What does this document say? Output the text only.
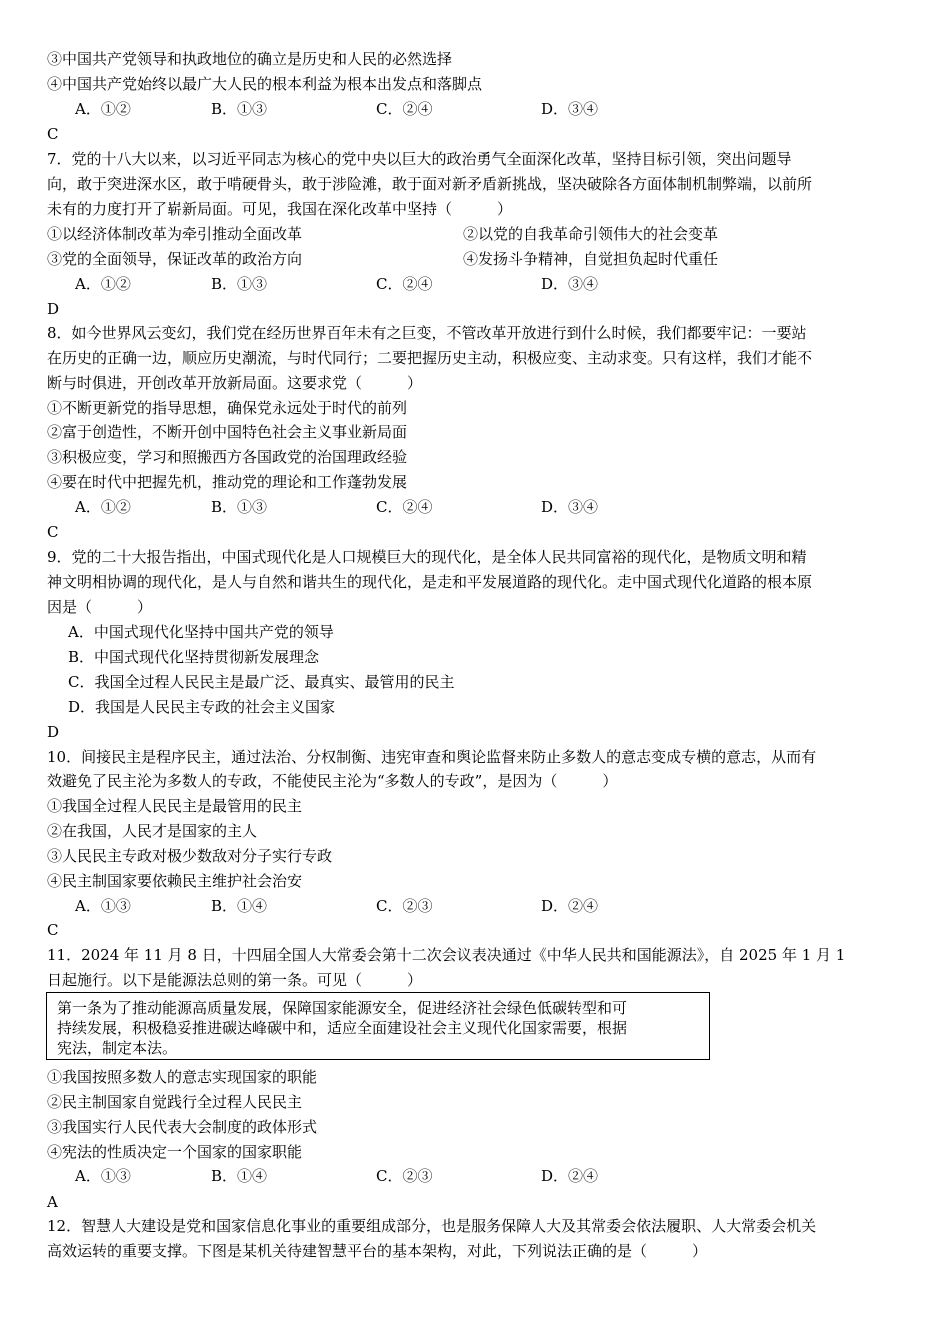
③中国共产党领导和执政地位的确立是历史和人民的必然选择
④中国共产党始终以最广大人民的根本利益为根本出发点和落脚点
A．①②	B．①③	C．②④	D．③④
C
7．党的十八大以来，以习近平同志为核心的党中央以巨大的政治勇气全面深化改革，坚持目标引领，突出问题导
向，敢于突进深水区，敢于啃硬骨头，敢于涉险滩，敢于面对新矛盾新挑战，坚决破除各方面体制机制弊端，以前所
未有的力度打开了崭新局面。可见，我国在深化改革中坚持（　　　）
①以经济体制改革为牵引推动全面改革	②以党的自我革命引领伟大的社会变革
③党的全面领导，保证改革的政治方向	④发扬斗争精神，自觉担负起时代重任
A．①②	B．①③	C．②④	D．③④
D
8．如今世界风云变幻，我们党在经历世界百年未有之巨变，不管改革开放进行到什么时候，我们都要牢记：一要站
在历史的正确一边，顺应历史潮流，与时代同行；二要把握历史主动，积极应变、主动求变。只有这样，我们才能不
断与时俱进，开创改革开放新局面。这要求党（　　　）
①不断更新党的指导思想，确保党永远处于时代的前列
②富于创造性，不断开创中国特色社会主义事业新局面
③积极应变，学习和照搬西方各国政党的治国理政经验
④要在时代中把握先机，推动党的理论和工作蓬勃发展
A．①②	B．①③	C．②④	D．③④
C
9．党的二十大报告指出，中国式现代化是人口规模巨大的现代化，是全体人民共同富裕的现代化，是物质文明和精
神文明相协调的现代化，是人与自然和谐共生的现代化，是走和平发展道路的现代化。走中国式现代化道路的根本原
因是（　　　）
A．中国式现代化坚持中国共产党的领导
B．中国式现代化坚持贯彻新发展理念
C．我国全过程人民民主是最广泛、最真实、最管用的民主
D．我国是人民民主专政的社会主义国家
D
10．间接民主是程序民主，通过法治、分权制衡、违宪审查和舆论监督来防止多数人的意志变成专横的意志，从而有
效避免了民主沦为多数人的专政，不能使民主沦为“多数人的专政”，是因为（　　　）
①我国全过程人民民主是最管用的民主
②在我国，人民才是国家的主人
③人民民主专政对极少数敌对分子实行专政
④民主制国家要依赖民主维护社会治安
A．①③	B．①④	C．②③	D．②④
C
11．2024 年 11 月 8 日，十四届全国人大常委会第十二次会议表决通过《中华人民共和国能源法》，自 2025 年 1 月 1
日起施行。以下是能源法总则的第一条。可见（　　　）
第一条为了推动能源高质量发展，保障国家能源安全，促进经济社会绿色低碳转型和可
持续发展，积极稳妥推进碳达峰碳中和，适应全面建设社会主义现代化国家需要，根据
宪法，制定本法。
①我国按照多数人的意志实现国家的职能
②民主制国家自觉践行全过程人民民主
③我国实行人民代表大会制度的政体形式
④宪法的性质决定一个国家的国家职能
A．①③	B．①④	C．②③	D．②④
A
12．智慧人大建设是党和国家信息化事业的重要组成部分，也是服务保障人大及其常委会依法履职、人大常委会机关
高效运转的重要支撑。下图是某机关待建智慧平台的基本架构，对此，下列说法正确的是（　　　）
